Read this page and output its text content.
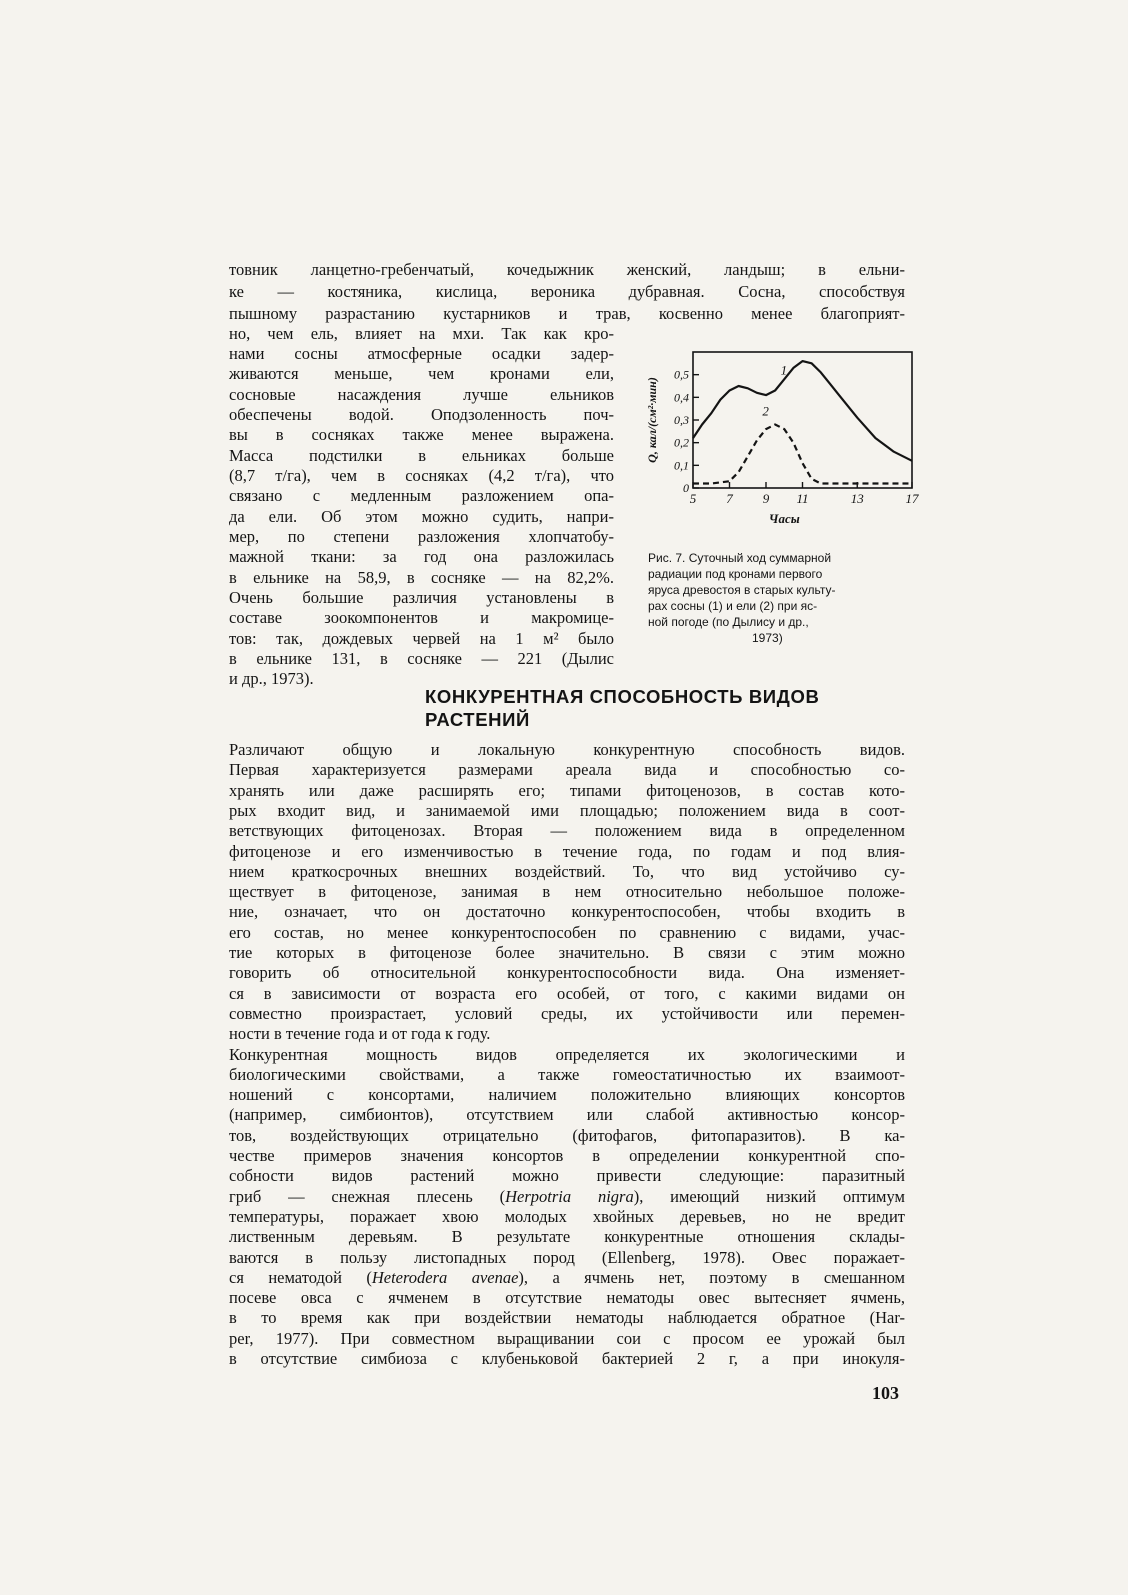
товник ланцетно-гребенчатый, кочедыжник женский, ландыш; в ельни-
ке — костяника, кислица, вероника дубравная. Сосна, способствуя
пышному разрастанию кустарников и трав, косвенно менее благоприят-
но, чем ель, влияет на мхи. Так как кро-
нами сосны атмосферные осадки задер-
живаются меньше, чем кронами ели,
сосновые насаждения лучше ельников
обеспечены водой. Оподзоленность поч-
вы в сосняках также менее выражена.
Масса подстилки в ельниках больше
(8,7 т/га), чем в сосняках (4,2 т/га), что
связано с медленным разложением опа-
да ели. Об этом можно судить, напри-
мер, по степени разложения хлопчатобу-
мажной ткани: за год она разложилась
в ельнике на 58,9, в сосняке — на 82,2%.
Очень большие различия установлены в
составе зоокомпонентов и макромице-
тов: так, дождевых червей на 1 м² было
в ельнике 131, в сосняке — 221 (Дылис
и др., 1973).
0
0,1
0,2
0,3
0,4
0,5
5 7 9 11	13	17
1
2
Часы
Q, кал/(см²·мин)
Рис. 7. Суточный ход суммарной
радиации под кронами первого
яруса древостоя в старых культу-
рах сосны (1) и ели (2) при яс-
ной погоде (по Дылису и др.,
1973)
КОНКУРЕНТНАЯ СПОСОБНОСТЬ ВИДОВ
РАСТЕНИЙ
Различают общую и локальную конкурентную способность видов.
Первая характеризуется размерами ареала вида и способностью со-
хранять или даже расширять его; типами фитоценозов, в состав кото-
рых входит вид, и занимаемой ими площадью; положением вида в соот-
ветствующих фитоценозах. Вторая — положением вида в определенном
фитоценозе и его изменчивостью в течение года, по годам и под влия-
нием краткосрочных внешних воздействий. То, что вид устойчиво су-
ществует в фитоценозе, занимая в нем относительно небольшое положе-
ние, означает, что он достаточно конкурентоспособен, чтобы входить в
его состав, но менее конкурентоспособен по сравнению с видами, учас-
тие которых в фитоценозе более значительно. В связи с этим можно
говорить об относительной конкурентоспособности вида. Она изменяет-
ся в зависимости от возраста его особей, от того, с какими видами он
совместно произрастает, условий среды, их устойчивости или перемен-
ности в течение года и от года к году.
Конкурентная мощность видов определяется их экологическими и
биологическими свойствами, а также гомеостатичностью их взаимоот-
ношений с консортами, наличием положительно влияющих консортов
(например, симбионтов), отсутствием или слабой активностью консор-
тов, воздействующих отрицательно (фитофагов, фитопаразитов). В ка-
честве примеров значения консортов в определении конкурентной спо-
собности видов растений можно привести следующие: паразитный
гриб — снежная плесень (Herpotria nigra), имеющий низкий оптимум
температуры, поражает хвою молодых хвойных деревьев, но не вредит
лиственным деревьям. В результате конкурентные отношения склады-
ваются в пользу листопадных пород (Ellenberg, 1978). Овес поражает-
ся нематодой (Heterodera avenae), а ячмень нет, поэтому в смешанном
посеве овса с ячменем в отсутствие нематоды овес вытесняет ячмень,
в то время как при воздействии нематоды наблюдается обратное (Har-
per, 1977). При совместном выращивании сои с просом ее урожай был
в отсутствие симбиоза с клубеньковой бактерией 2 г, а при инокуля-
103
